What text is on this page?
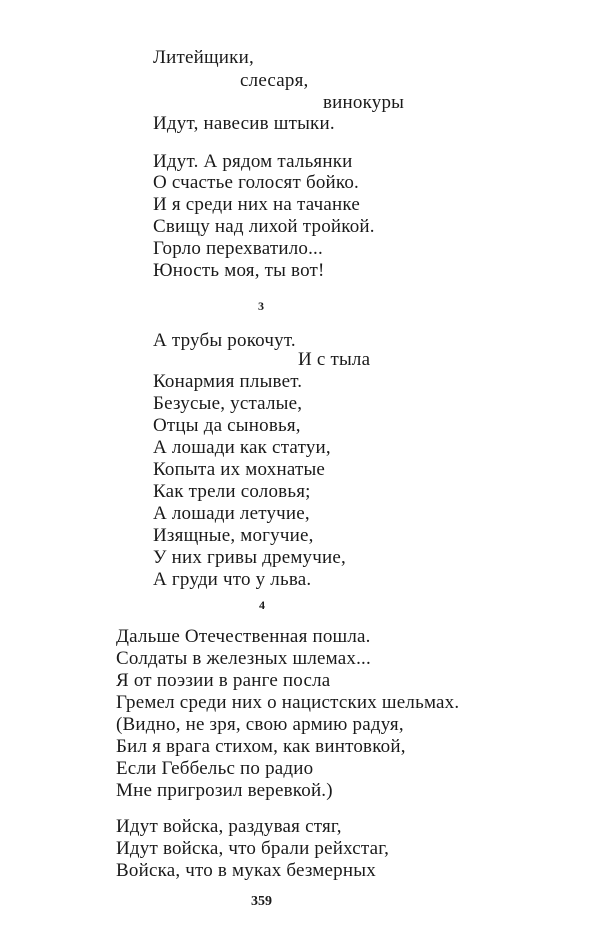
Литейщики,
слесаря,
винокуры
Идут, навесив штыки.
Идут. А рядом тальянки
О счастье голосят бойко.
И я среди них на тачанке
Свищу над лихой тройкой.
Горло перехватило...
Юность моя, ты вот!
3
А трубы рокочут.
И с тыла
Конармия плывет.
Безусые, усталые,
Отцы да сыновья,
А лошади как статуи,
Копыта их мохнатые
Как трели соловья;
А лошади летучие,
Изящные, могучие,
У них гривы дремучие,
А груди что у льва.
4
Дальше Отечественная пошла.
Солдаты в железных шлемах...
Я от поэзии в ранге посла
Гремел среди них о нацистских шельмах.
(Видно, не зря, свою армию радуя,
Бил я врага стихом, как винтовкой,
Если Геббельс по радио
Мне пригрозил веревкой.)
Идут войска, раздувая стяг,
Идут войска, что брали рейхстаг,
Войска, что в муках безмерных
359
